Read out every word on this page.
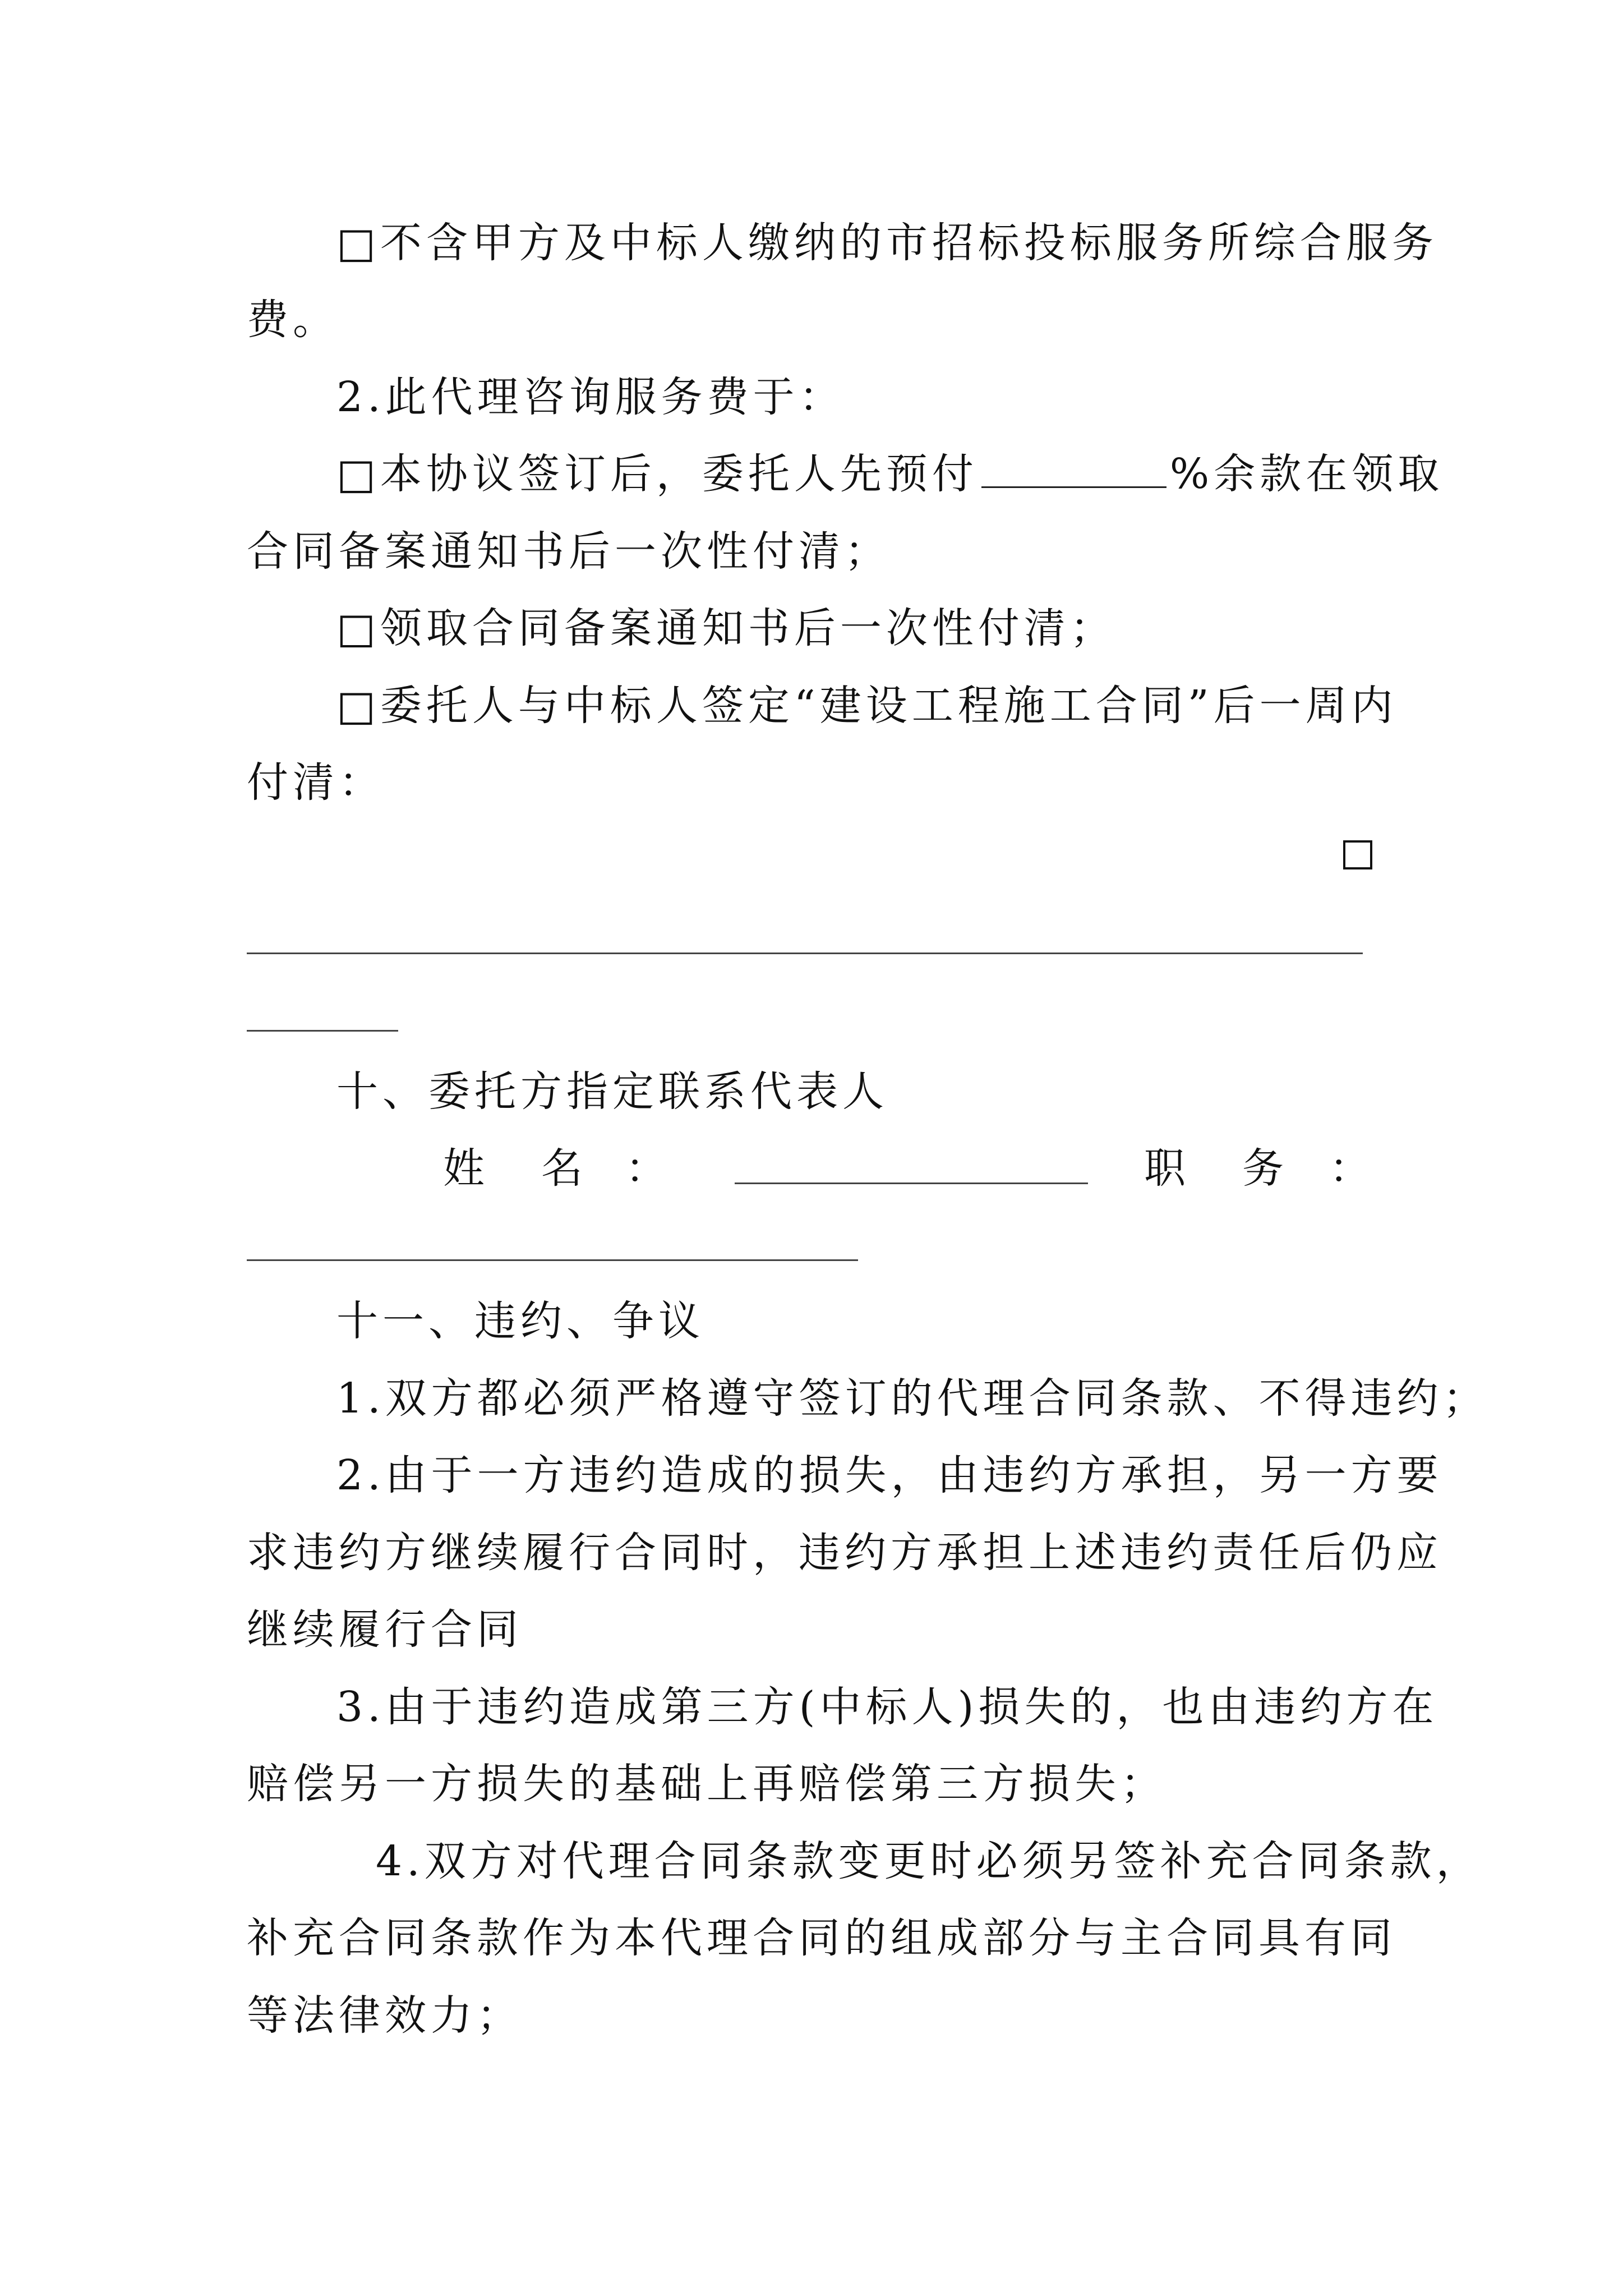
□不含甲方及中标人缴纳的市招标投标服务所综合服务
费。
2.此代理咨询服务费于：
□本协议签订后，委托人先预付	%余款在领取
合同备案通知书后一次性付清；
□领取合同备案通知书后一次性付清；
□委托人与中标人签定“建设工程施工合同”后一周内
付清：
十、委托方指定联系代表人
姓 名 ：	职 务 ：
十一、违约、争议
1.双方都必须严格遵守签订的代理合同条款、不得违约；
2.由于一方违约造成的损失，由违约方承担，另一方要
求违约方继续履行合同时，违约方承担上述违约责任后仍应
继续履行合同
3.由于违约造成第三方(中标人)损失的，也由违约方在
赔偿另一方损失的基础上再赔偿第三方损失；
4.双方对代理合同条款变更时必须另签补充合同条款，
补充合同条款作为本代理合同的组成部分与主合同具有同
等法律效力；
